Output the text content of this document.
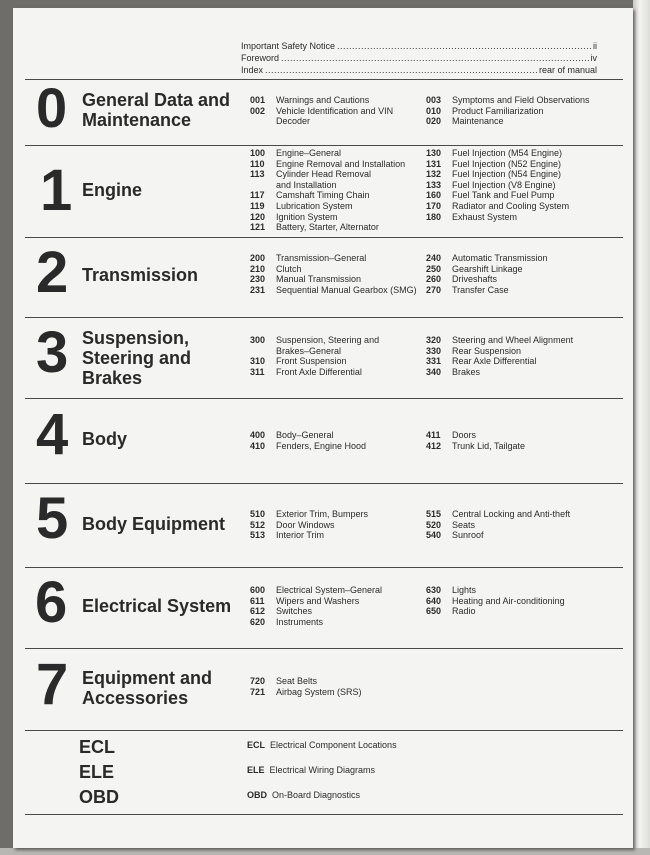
Important Safety Notice .....	ii
Foreword .....	iv
Index .....	rear of manual
0 General Data and
Maintenance
001 Warnings and Cautions
002 Vehicle Identification and VIN
Decoder
003 Symptoms and Field Observations
010 Product Familiarization
020 Maintenance
1 Engine
100 Engine–General
110 Engine Removal and Installation
113 Cylinder Head Removal
and Installation
117 Camshaft Timing Chain
119 Lubrication System
120 Ignition System
121 Battery, Starter, Alternator
130 Fuel Injection (M54 Engine)
131 Fuel Injection (N52 Engine)
132 Fuel Injection (N54 Engine)
133 Fuel Injection (V8 Engine)
160 Fuel Tank and Fuel Pump
170 Radiator and Cooling System
180 Exhaust System
2 Transmission
200 Transmission–General
210 Clutch
230 Manual Transmission
231 Sequential Manual Gearbox (SMG)
240 Automatic Transmission
250 Gearshift Linkage
260 Driveshafts
270 Transfer Case
3 Suspension,
Steering and
Brakes
300 Suspension, Steering and
Brakes–General
310 Front Suspension
311 Front Axle Differential
320 Steering and Wheel Alignment
330 Rear Suspension
331 Rear Axle Differential
340 Brakes
4 Body	400 Body–General
410 Fenders, Engine Hood
411 Doors
412 Trunk Lid, Tailgate
5 Body Equipment	510 Exterior Trim, Bumpers
512 Door Windows
513 Interior Trim
515 Central Locking and Anti-theft
520 Seats
540 Sunroof
6 Electrical System
600 Electrical System–General
611 Wipers and Washers
612 Switches
620 Instruments
630 Lights
640 Heating and Air-conditioning
650 Radio
7 Equipment and
Accessories
720 Seat Belts
721 Airbag System (SRS)
ECL	ECL Electrical Component Locations
ELE	ELE Electrical Wiring Diagrams
OBD	OBD On-Board Diagnostics
